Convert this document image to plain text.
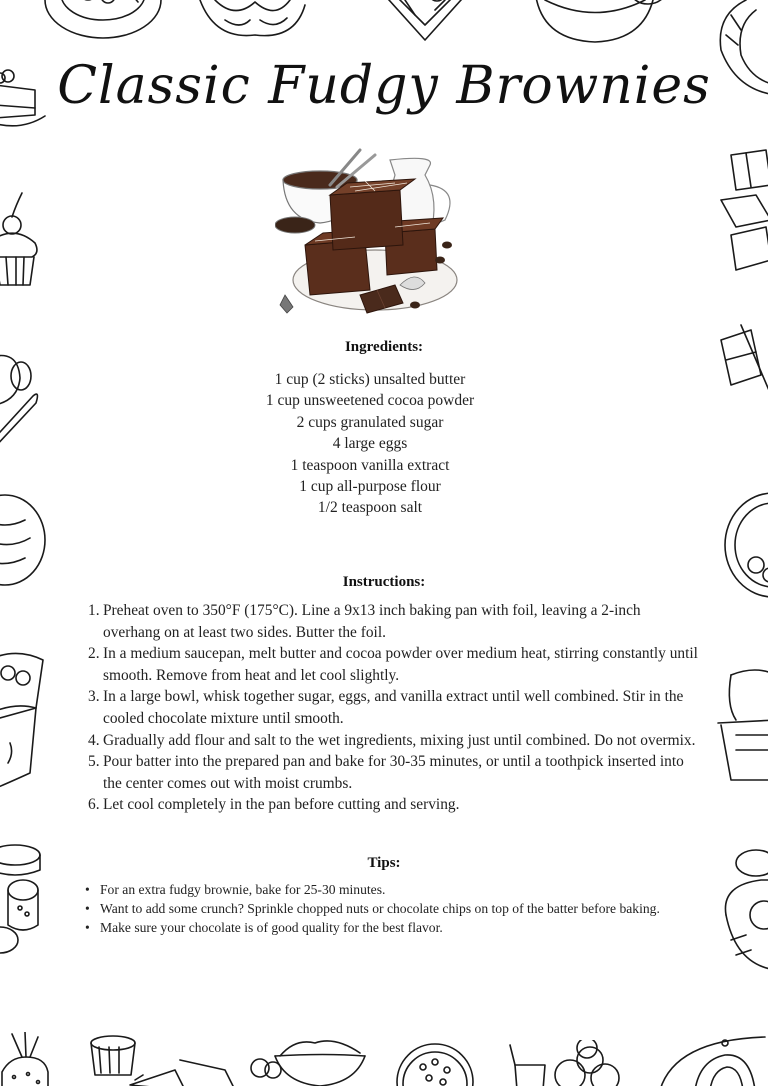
Classic Fudgy Brownies
Ingredients:
1 cup (2 sticks) unsalted butter
1 cup unsweetened cocoa powder
2 cups granulated sugar
4 large eggs
1 teaspoon vanilla extract
1 cup all-purpose flour
1/2 teaspoon salt
Instructions:
1. Preheat oven to 350°F (175°C). Line a 9x13 inch baking pan with foil, leaving a 2-inch overhang on at least two sides. Butter the foil.
2. In a medium saucepan, melt butter and cocoa powder over medium heat, stirring constantly until smooth. Remove from heat and let cool slightly.
3. In a large bowl, whisk together sugar, eggs, and vanilla extract until well combined. Stir in the cooled chocolate mixture until smooth.
4. Gradually add flour and salt to the wet ingredients, mixing just until combined. Do not overmix.
5. Pour batter into the prepared pan and bake for 30-35 minutes, or until a toothpick inserted into the center comes out with moist crumbs.
6. Let cool completely in the pan before cutting and serving.
Tips:
• For an extra fudgy brownie, bake for 25-30 minutes.
• Want to add some crunch? Sprinkle chopped nuts or chocolate chips on top of the batter before baking.
• Make sure your chocolate is of good quality for the best flavor.
